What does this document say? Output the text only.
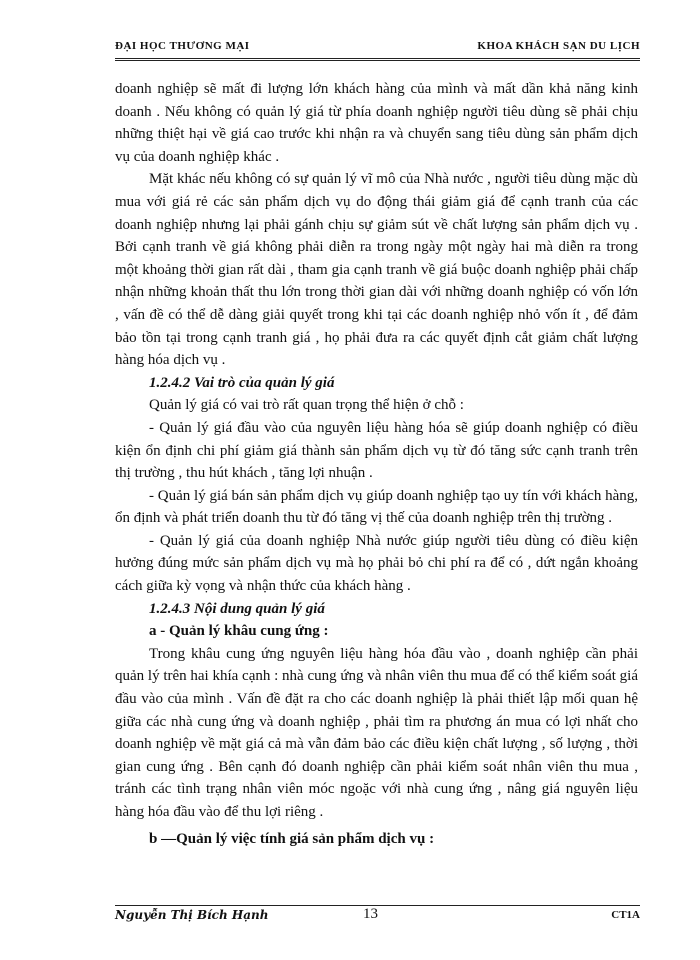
ĐẠI HỌC THƯƠNG MẠI	KHOA KHÁCH SẠN DU LỊCH

doanh nghiệp sẽ mất đi lượng lớn khách hàng của mình và mất dần khả năng kinh doanh . Nếu không có quản lý giá từ phía doanh nghiệp người tiêu dùng sẽ phải chịu những thiệt hại về giá cao trước khi nhận ra và chuyển sang tiêu dùng sản phẩm dịch vụ của doanh nghiệp khác .

Mặt khác nếu không có sự quản lý vĩ mô của Nhà nước , người tiêu dùng mặc dù mua với giá rẻ các sản phẩm dịch vụ do động thái giảm giá để cạnh tranh của các doanh nghiệp nhưng lại phải gánh chịu sự giảm sút về chất lượng sản phẩm dịch vụ . Bởi cạnh tranh về giá không phải diễn ra trong ngày một ngày hai mà diễn ra trong một khoảng thời gian rất dài , tham gia cạnh tranh về giá buộc doanh nghiệp phải chấp nhận những khoản thất thu lớn trong thời gian dài với những doanh nghiệp có vốn lớn , vấn đề có thể dễ dàng giải quyết trong khi tại các doanh nghiệp nhỏ vốn ít , để đảm bảo tồn tại trong cạnh tranh giá , họ phải đưa ra các quyết định cắt giảm chất lượng hàng hóa dịch vụ .

1.2.4.2 Vai trò của quản lý giá

Quản lý giá có vai trò rất quan trọng thể hiện ở chỗ :

- Quản lý giá đầu vào của nguyên liệu hàng hóa sẽ giúp doanh nghiệp có điều kiện ổn định chi phí giảm giá thành sản phẩm dịch vụ từ đó tăng sức cạnh tranh trên thị trường , thu hút khách , tăng lợi nhuận .

- Quản lý giá bán sản phẩm dịch vụ giúp doanh nghiệp tạo uy tín với khách hàng, ổn định và phát triển doanh thu từ đó tăng vị thế của doanh nghiệp trên thị trường .

- Quản lý giá của doanh nghiệp Nhà nước giúp người tiêu dùng có điều kiện hưởng đúng mức sản phẩm dịch vụ mà họ phải bỏ chi phí ra để có , dứt ngắn khoảng cách giữa kỳ vọng và nhận thức của khách hàng .

1.2.4.3 Nội dung quản lý giá

a - Quản lý khâu cung ứng :

Trong khâu cung ứng nguyên liệu hàng hóa đầu vào , doanh nghiệp cần phải quản lý trên hai khía cạnh : nhà cung ứng và nhân viên thu mua để có thể kiểm soát giá đầu vào của mình . Vấn đề đặt ra cho các doanh nghiệp là phải thiết lập mối quan hệ giữa các nhà cung ứng và doanh nghiệp , phải tìm ra phương án mua có lợi nhất cho doanh nghiệp về mặt giá cả mà vẫn đảm bảo các điều kiện chất lượng , số lượng , thời gian cung ứng . Bên cạnh đó doanh nghiệp cần phải kiểm soát nhân viên thu mua , tránh các tình trạng nhân viên móc ngoặc với nhà cung ứng , nâng giá nguyên liệu hàng hóa đầu vào để thu lợi riêng .

b —Quản lý việc tính giá sản phẩm dịch vụ :

Nguyễn Thị Bích Hạnh	13	CT1A
